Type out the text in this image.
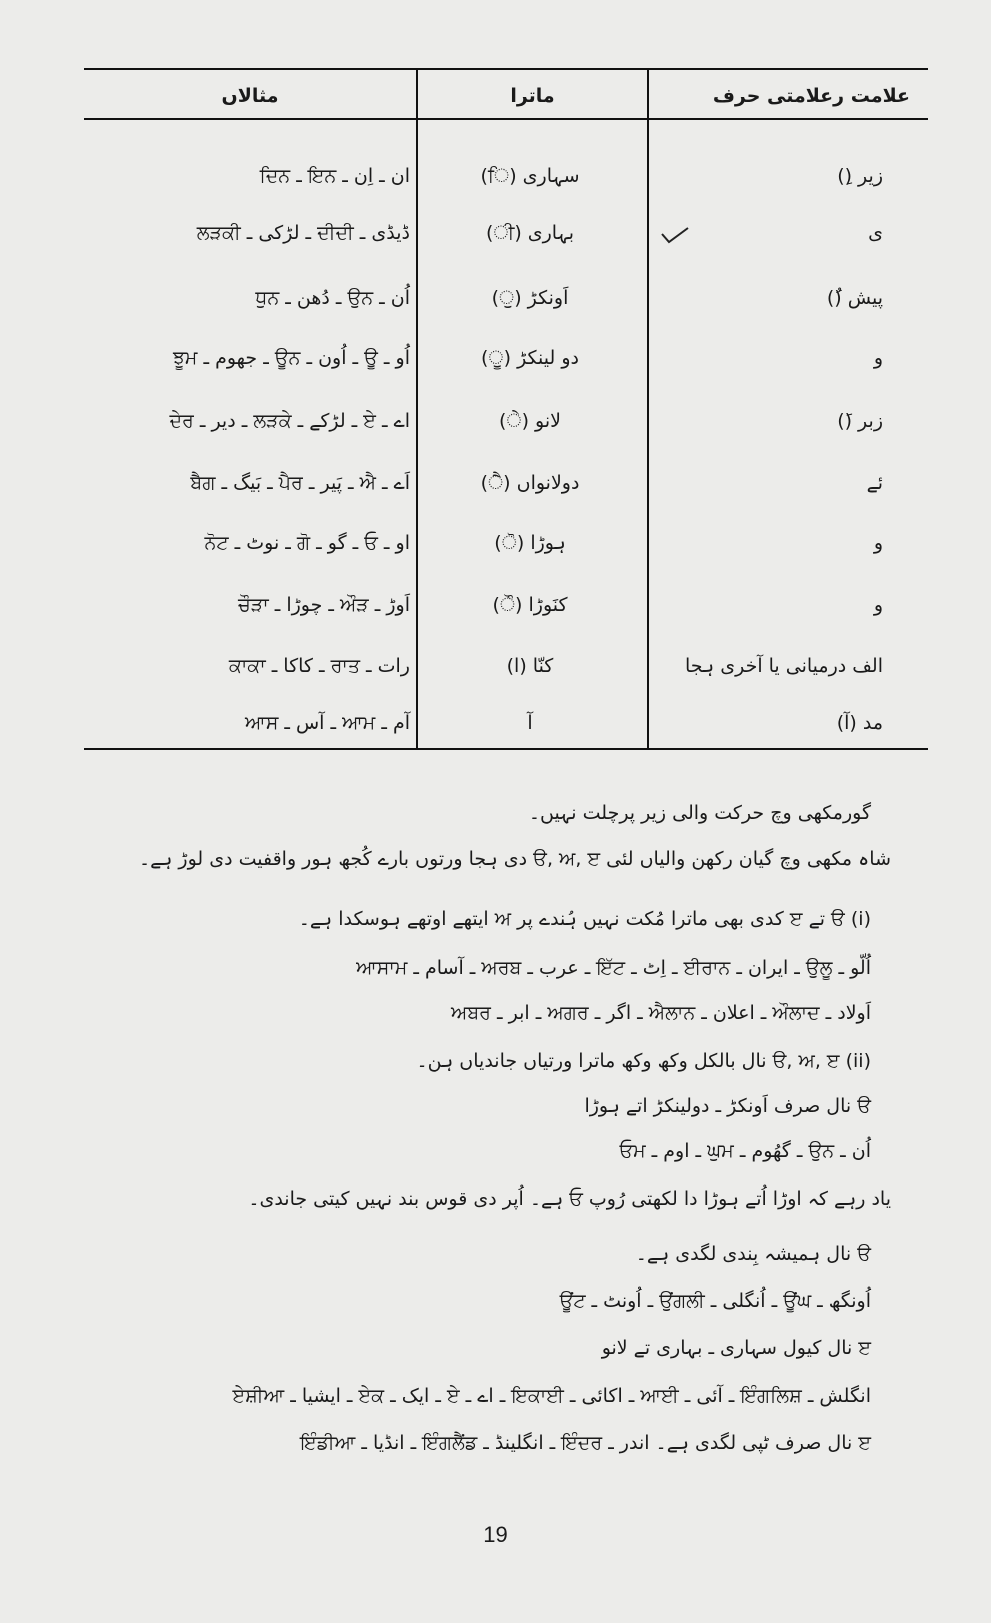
علامت رعلامتی حرف
ماترا
مثالاں
زیر (ِ)
سہاری (ਿ)
ان ـ اِن ـ ਇਨ ـ ਦਿਨ
ی
بہاری (ੀ)
ڈیڈی ـ ਦੀਦੀ ـ لڑکی ـ ਲੜਕੀ
پیش (ُ)
اَونکڑ (ੁ)
اُن ـ ਉਨ ـ دُھن ـ ਧੁਨ
و
دو لینکڑ (ੂ)
اُو ـ ਊ ـ اُون ـ ਊਨ ـ جھوم ـ ਝੂਮ
زبر (َ)
لانو (ੇ)
اے ـ ਏ ـ لڑکے ـ ਲੜਕੇ ـ دیر ـ ਦੇਰ
ئے
دولانواں (ੈ)
اَے ـ ਐ ـ پَیر ـ ਪੈਰ ـ بَیگ ـ ਬੈਗ
و
ہوڑا (ੋ)
او ـ ਓ ـ گو ـ ਗੋ ـ نوٹ ـ ਨੋਟ
و
کنَوڑا (ੌ)
اَوڑ ـ ਔੜ ـ چوڑا ـ ਚੌੜਾ
الف درمیانی یا آخری ہجا
کنّا (ا)
رات ـ ਰਾਤ ـ کاکا ـ ਕਾਕਾ
مد (آ)
آ
آم ـ ਆਮ ـ آس ـ ਆਸ
گورمکھی وچ حرکت والی زیر پرچلت نہیں۔
شاہ مکھی وچ گیان رکھن والیاں لئی ੳ, ਅ, ੲ دی ہجا ورتوں بارے کُجھ ہور واقفیت دی لوڑ ہے۔
(i) ੳ تے ੲ کدی بھی ماترا مُکت نہیں ہُندے پر ਅ ایتھے اوتھے ہوسکدا ہے۔
اُلّو ـ ਉਲੂ ـ ایران ـ ਈਰਾਨ ـ اِٹ ـ ਇੱਟ ـ عرب ـ ਅਰਬ ـ آسام ـ ਆਸਾਮ
اَولاد ـ ਔਲਾਦ ـ اعلان ـ ਐਲਾਨ ـ اگر ـ ਅਗਰ ـ ابر ـ ਅਬਰ
(ii) ੳ, ਅ, ੲ نال بالکل وکھ وکھ ماترا ورتیاں جاندیاں ہن۔
ੳ نال صرف اَونکڑ ـ دولینکڑ اتے ہوڑا
اُن ـ ਉਨ ـ گھُوم ـ ਘੁਮ ـ اوم ـ ਓਮ
یاد رہے کہ اوڑا اُتے ہوڑا دا لکھتی رُوپ ਓ ہے۔ اُپر دی قوس بند نہیں کیتی جاندی۔
ੳ نال ہمیشہ بِندی لگدی ہے۔
اُونگھ ـ ਊਂਘ ـ اُنگلی ـ ਉਂਗਲੀ ـ اُونٹ ـ ਊਂਟ
ੲ نال کیول سہاری ـ بہاری تے لانو
انگلش ـ ਇੰਗਲਿਸ਼ ـ آئی ـ ਆਈ ـ اکائی ـ ਇਕਾਈ ـ اے ـ ਏ ـ ایک ـ ਏਕ ـ ایشیا ـ ਏਸ਼ੀਆ
ੲ نال صرف ٹپی لگدی ہے۔ اندر ـ ਇੰਦਰ ـ انگلینڈ ـ ਇੰਗਲੈਂਡ ـ انڈیا ـ ਇੰਡੀਆ
19
